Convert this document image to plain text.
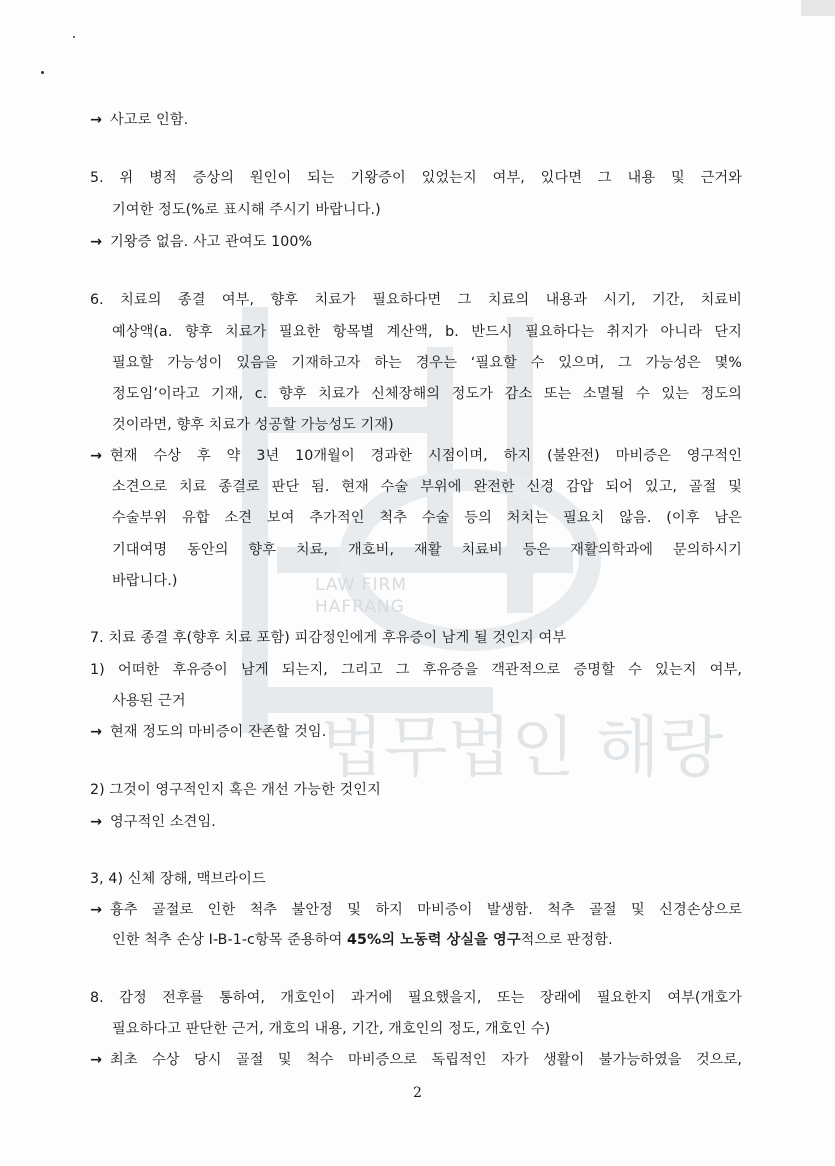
LAW FIRM
HAFRANG
법무법인 해랑
→ 사고로 인함.
5. 위 병적 증상의 원인이 되는 기왕증이 있었는지 여부, 있다면 그 내용 및 근거와
기여한 정도(%로 표시해 주시기 바랍니다.)
→ 기왕증 없음. 사고 관여도 100%
6. 치료의 종결 여부, 향후 치료가 필요하다면 그 치료의 내용과 시기, 기간, 치료비
예상액(a. 향후 치료가 필요한 항목별 계산액, b. 반드시 필요하다는 취지가 아니라 단지
필요할 가능성이 있음을 기재하고자 하는 경우는 ‘필요할 수 있으며, 그 가능성은 몇%
정도임’이라고 기재, c. 향후 치료가 신체장해의 정도가 감소 또는 소멸될 수 있는 정도의
것이라면, 향후 치료가 성공할 가능성도 기재)
→ 현재 수상 후 약 3년 10개월이 경과한 시점이며, 하지 (불완전) 마비증은 영구적인
소견으로 치료 종결로 판단 됨. 현재 수술 부위에 완전한 신경 감압 되어 있고, 골절 및
수술부위 유합 소견 보여 추가적인 척추 수술 등의 처치는 필요치 않음. (이후 남은
기대여명 동안의 향후 치료, 개호비, 재활 치료비 등은 재활의학과에 문의하시기
바랍니다.)
7. 치료 종결 후(향후 치료 포함) 피감정인에게 후유증이 남게 될 것인지 여부
1) 어떠한 후유증이 남게 되는지, 그리고 그 후유증을 객관적으로 증명할 수 있는지 여부,
사용된 근거
→ 현재 정도의 마비증이 잔존할 것임.
2) 그것이 영구적인지 혹은 개선 가능한 것인지
→ 영구적인 소견임.
3, 4) 신체 장해, 맥브라이드
→ 흉추 골절로 인한 척추 불안정 및 하지 마비증이 발생함. 척추 골절 및 신경손상으로
인한 척추 손상 I-B-1-c항목 준용하여 45%의 노동력 상실을 영구적으로 판정함.
8. 감정 전후를 통하여, 개호인이 과거에 필요했을지, 또는 장래에 필요한지 여부(개호가
필요하다고 판단한 근거, 개호의 내용, 기간, 개호인의 정도, 개호인 수)
→ 최초 수상 당시 골절 및 척수 마비증으로 독립적인 자가 생활이 불가능하였을 것으로,
2
